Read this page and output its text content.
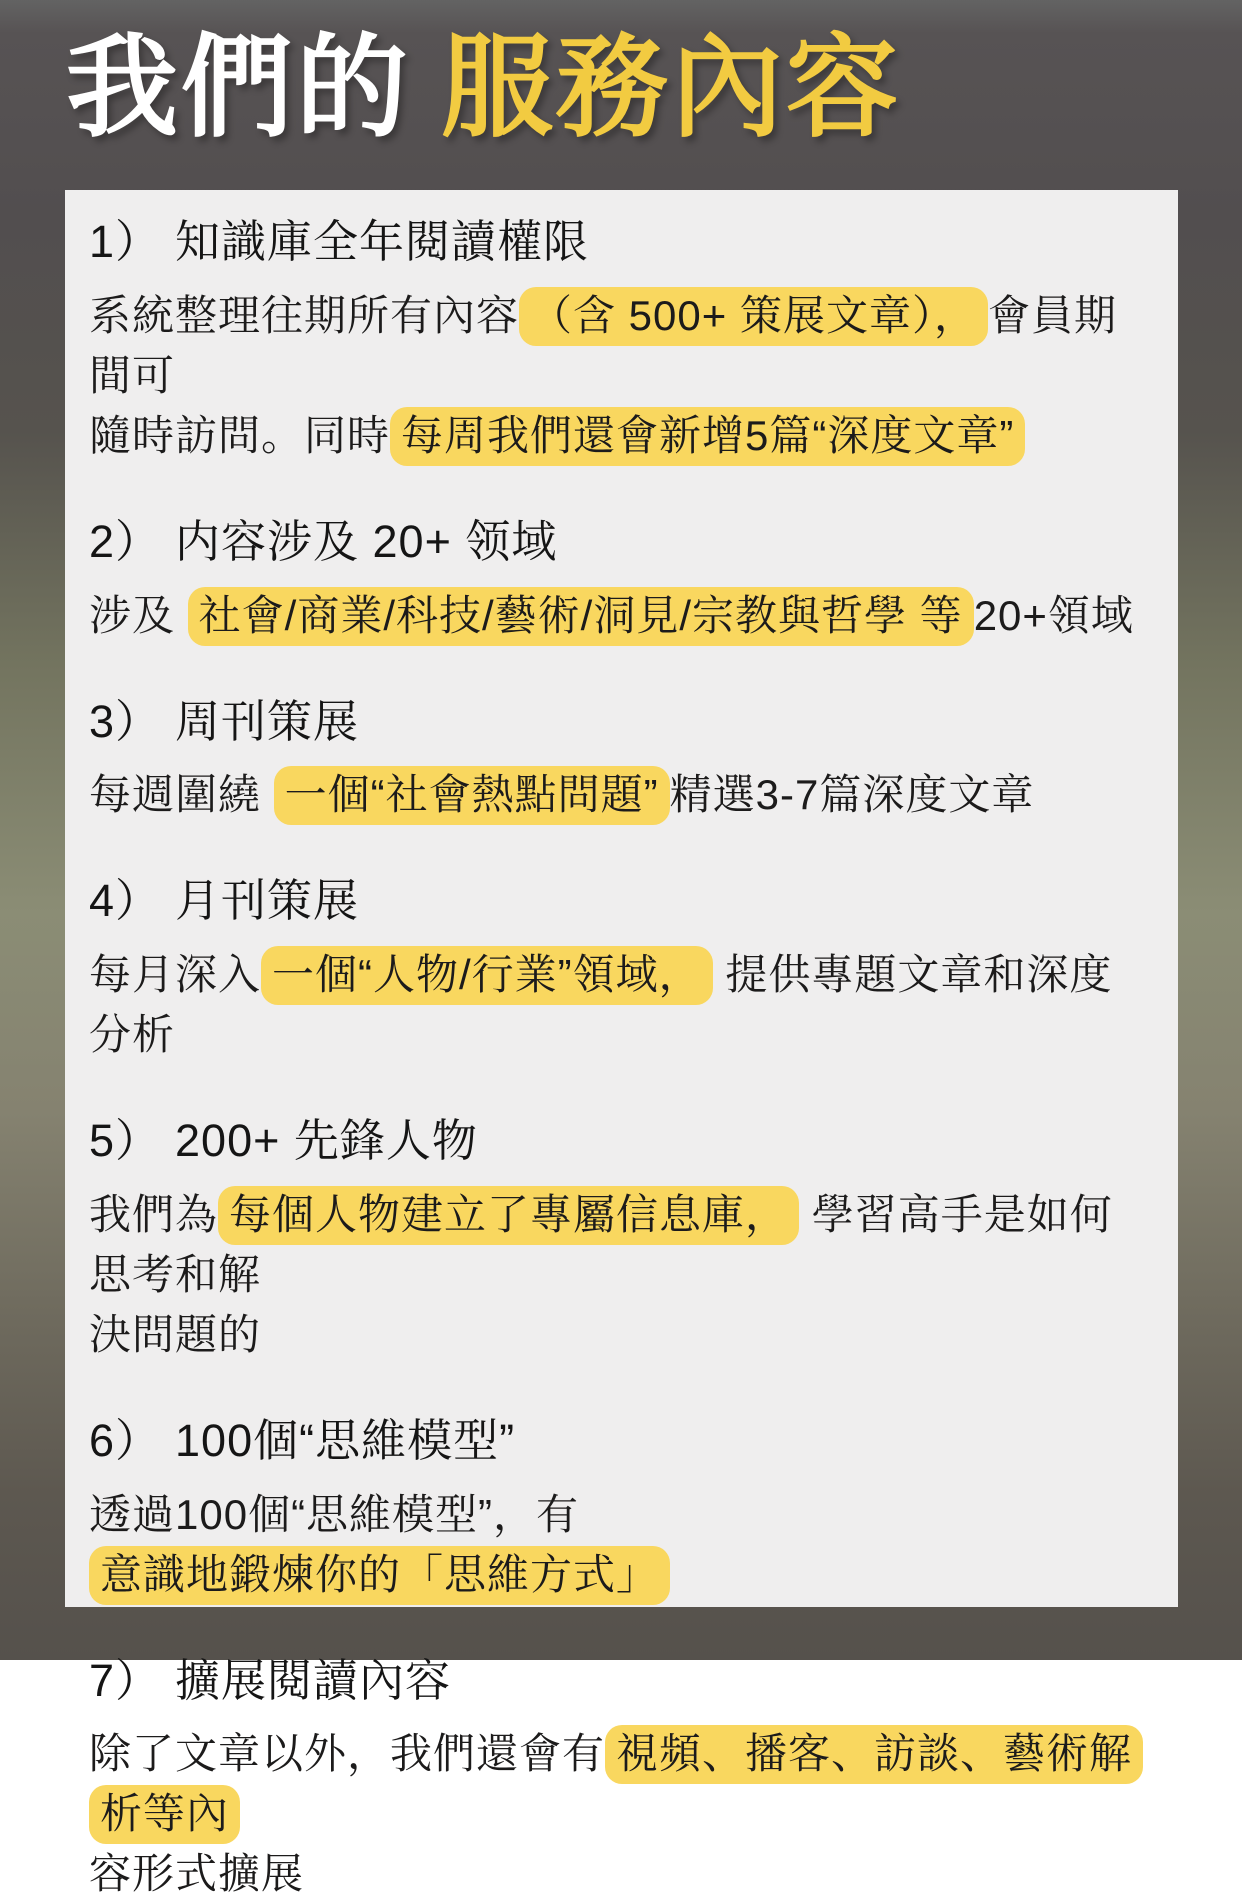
我們的 服務內容
1） 知識庫全年閱讀權限

系統整理往期所有內容 （含 500+ 策展文章）， 會員期間可
隨時訪問。同時 每周我們還會新增5篇“深度文章”

2） 内容涉及 20+ 领域

涉及 社會/商業/科技/藝術/洞見/宗教與哲學 等 20+領域

3） 周刊策展

每週圍繞 一個“社會熱點問題” 精選3-7篇深度文章

4） 月刊策展

每月深入 一個“人物/行業”領域， 提供專題文章和深度分析

5） 200+ 先鋒人物

我們為 每個人物建立了專屬信息庫， 學習高手是如何思考和解
決問題的

6） 100個“思維模型”

透過100個“思維模型”，有意識地鍛煉你的「思維方式」

7） 擴展閱讀內容

除了文章以外，我們還會有 視頻、播客、訪談、藝術解析等內
容形式擴展
